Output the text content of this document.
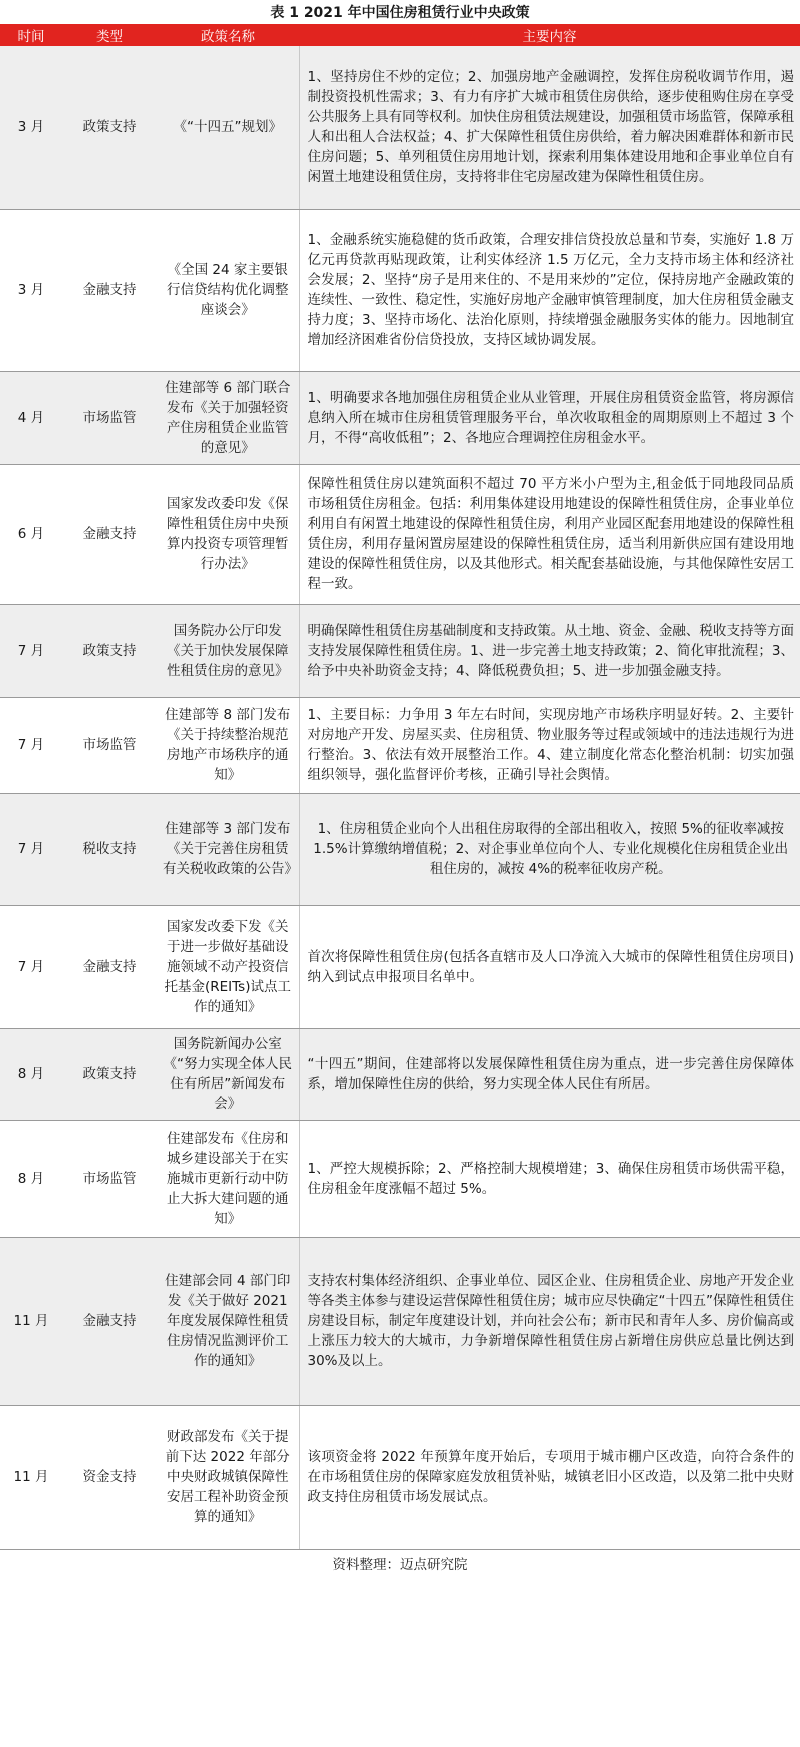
表 1 2021 年中国住房租赁行业中央政策
时间	类型	政策名称	主要内容
3 月	政策支持	《“十四五”规划》	1、坚持房住不炒的定位；2、加强房地产金融调控，发挥住房税收调节作用，遏制投资投机性需求；3、有力有序扩大城市租赁住房供给，逐步使租购住房在享受公共服务上具有同等权利。加快住房租赁法规建设，加强租赁市场监管，保障承租人和出租人合法权益；4、扩大保障性租赁住房供给，着力解决困难群体和新市民住房问题；5、单列租赁住房用地计划，探索利用集体建设用地和企事业单位自有闲置土地建设租赁住房，支持将非住宅房屋改建为保障性租赁住房。
3 月	金融支持	《全国 24 家主要银行信贷结构优化调整座谈会》	1、金融系统实施稳健的货币政策，合理安排信贷投放总量和节奏，实施好 1.8 万亿元再贷款再贴现政策，让利实体经济 1.5 万亿元，全力支持市场主体和经济社会发展；2、坚持“房子是用来住的、不是用来炒的”定位，保持房地产金融政策的连续性、一致性、稳定性，实施好房地产金融审慎管理制度，加大住房租赁金融支持力度；3、坚持市场化、法治化原则，持续增强金融服务实体的能力。因地制宜增加经济困难省份信贷投放，支持区域协调发展。
4 月	市场监管	住建部等 6 部门联合发布《关于加强轻资产住房租赁企业监管的意见》	1、明确要求各地加强住房租赁企业从业管理，开展住房租赁资金监管，将房源信息纳入所在城市住房租赁管理服务平台，单次收取租金的周期原则上不超过 3 个月，不得“高收低租”；2、各地应合理调控住房租金水平。
6 月	金融支持	国家发改委印发《保障性租赁住房中央预算内投资专项管理暂行办法》	保障性租赁住房以建筑面积不超过 70 平方米小户型为主,租金低于同地段同品质市场租赁住房租金。包括：利用集体建设用地建设的保障性租赁住房，企事业单位利用自有闲置土地建设的保障性租赁住房，利用产业园区配套用地建设的保障性租赁住房，利用存量闲置房屋建设的保障性租赁住房，适当利用新供应国有建设用地建设的保障性租赁住房，以及其他形式。相关配套基础设施，与其他保障性安居工程一致。
7 月	政策支持	国务院办公厅印发《关于加快发展保障性租赁住房的意见》	明确保障性租赁住房基础制度和支持政策。从土地、资金、金融、税收支持等方面支持发展保障性租赁住房。1、进一步完善土地支持政策；2、简化审批流程；3、给予中央补助资金支持；4、降低税费负担；5、进一步加强金融支持。
7 月	市场监管	住建部等 8 部门发布《关于持续整治规范房地产市场秩序的通知》	1、主要目标：力争用 3 年左右时间，实现房地产市场秩序明显好转。2、主要针对房地产开发、房屋买卖、住房租赁、物业服务等过程或领域中的违法违规行为进行整治。3、依法有效开展整治工作。4、建立制度化常态化整治机制：切实加强组织领导，强化监督评价考核，正确引导社会舆情。
7 月	税收支持	住建部等 3 部门发布《关于完善住房租赁有关税收政策的公告》	1、住房租赁企业向个人出租住房取得的全部出租收入，按照 5%的征收率减按 1.5%计算缴纳增值税；2、对企事业单位向个人、专业化规模化住房租赁企业出租住房的，减按 4%的税率征收房产税。
7 月	金融支持	国家发改委下发《关于进一步做好基础设施领域不动产投资信托基金(REITs)试点工作的通知》	首次将保障性租赁住房(包括各直辖市及人口净流入大城市的保障性租赁住房项目)纳入到试点申报项目名单中。
8 月	政策支持	国务院新闻办公室《“努力实现全体人民住有所居”新闻发布会》	“十四五”期间，住建部将以发展保障性租赁住房为重点，进一步完善住房保障体系，增加保障性住房的供给，努力实现全体人民住有所居。
8 月	市场监管	住建部发布《住房和城乡建设部关于在实施城市更新行动中防止大拆大建问题的通知》	1、严控大规模拆除；2、严格控制大规模增建；3、确保住房租赁市场供需平稳，住房租金年度涨幅不超过 5%。
11 月	金融支持	住建部会同 4 部门印发《关于做好 2021 年度发展保障性租赁住房情况监测评价工作的通知》	支持农村集体经济组织、企事业单位、园区企业、住房租赁企业、房地产开发企业等各类主体参与建设运营保障性租赁住房；城市应尽快确定“十四五”保障性租赁住房建设目标，制定年度建设计划，并向社会公布；新市民和青年人多、房价偏高或上涨压力较大的大城市，力争新增保障性租赁住房占新增住房供应总量比例达到 30%及以上。
11 月	资金支持	财政部发布《关于提前下达 2022 年部分中央财政城镇保障性安居工程补助资金预算的通知》	该项资金将 2022 年预算年度开始后，专项用于城市棚户区改造，向符合条件的在市场租赁住房的保障家庭发放租赁补贴，城镇老旧小区改造，以及第二批中央财政支持住房租赁市场发展试点。
资料整理：迈点研究院
